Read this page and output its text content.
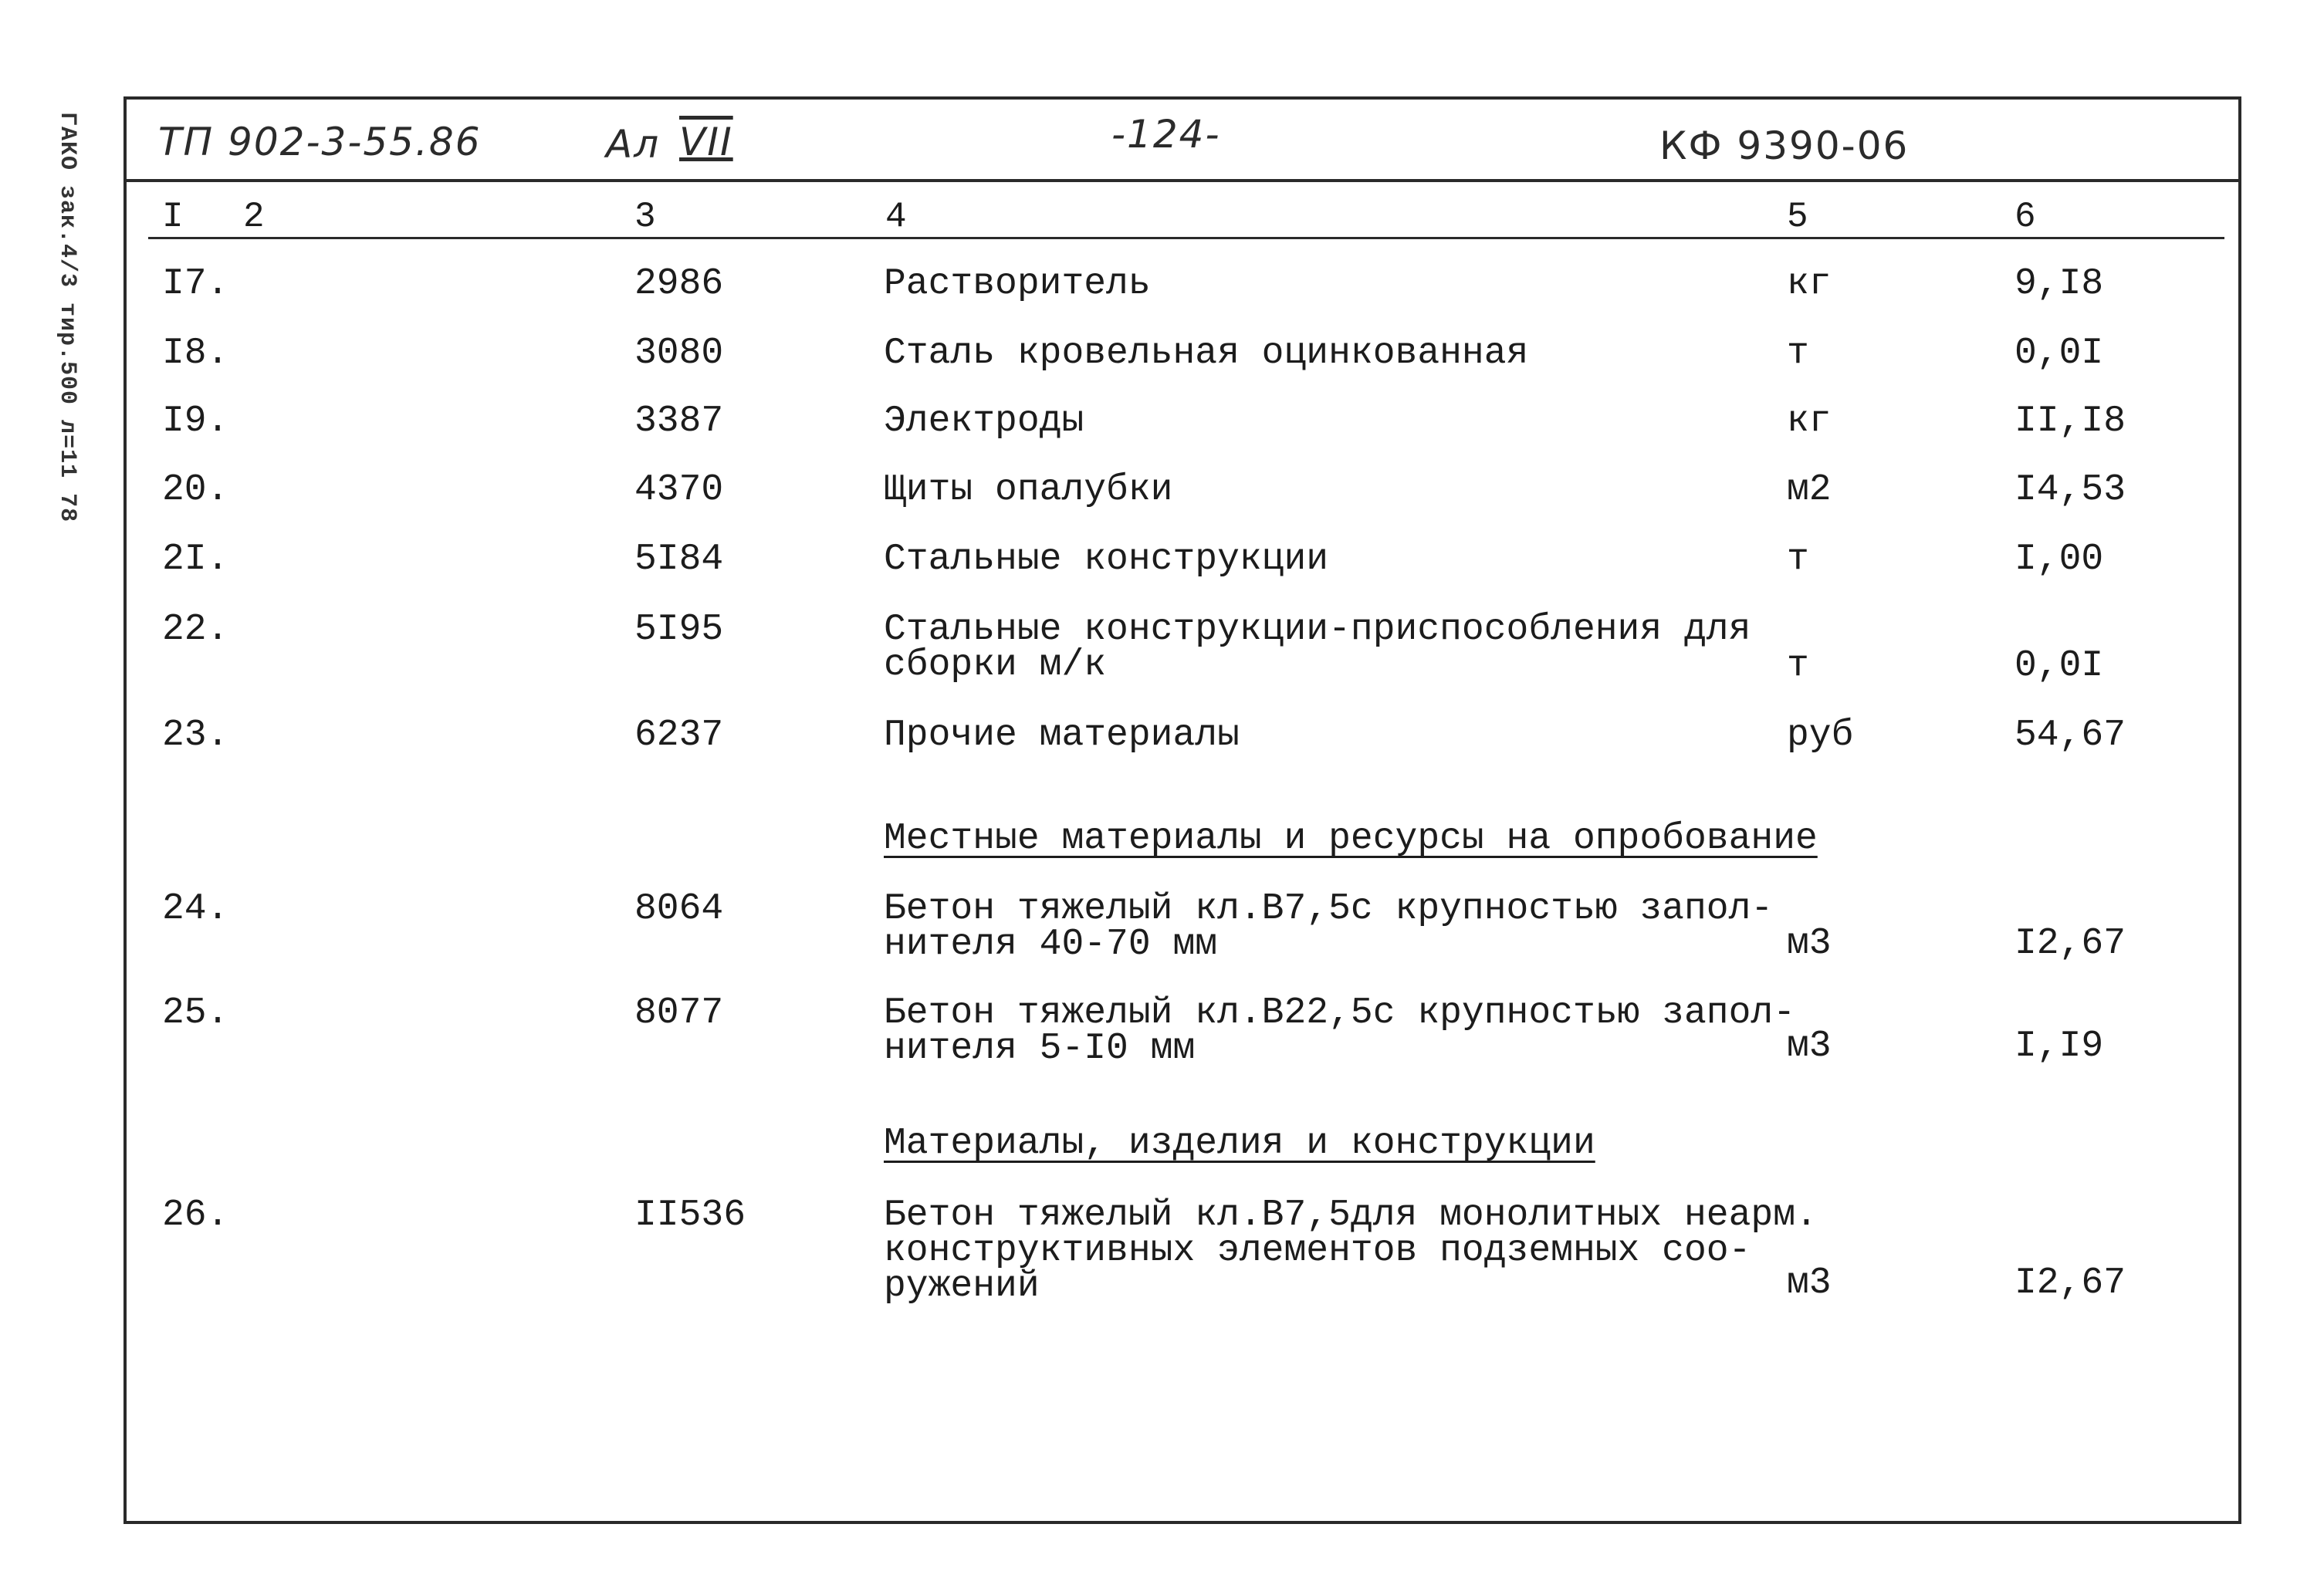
ГАКО зак.4/3 тир.500 л=11 78 ТП 902-3-55.86	Ал VII	-124-	КФ 9390-06
I 2	3	4	5	6
I7.	2986	Растворитель	кг	9,I8
I8.	3080	Сталь кровельная оцинкованная	т	0,0I
I9.	3387	Электроды	кг	II,I8
20.	4370	Щиты опалубки	м2	I4,53
2I.	5I84	Стальные конструкции	т	I,00
22.	5I95	Стальные конструкции-приспособления для
сборки м/к	т	0,0I
23.	6237	Прочие материалы	руб	54,67
Местные материалы и ресурсы на опробование
24.	8064	Бетон тяжелый кл.В7,5с крупностью запол-
нителя 40-70 мм	м3	I2,67
25.	8077	Бетон тяжелый кл.В22,5с крупностью запол-
нителя 5-I0 мм	м3	I,I9
Материалы, изделия и конструкции
26.	II536	Бетон тяжелый кл.В7,5для монолитных неарм.
конструктивных элементов подземных соо-
ружений	м3	I2,67
